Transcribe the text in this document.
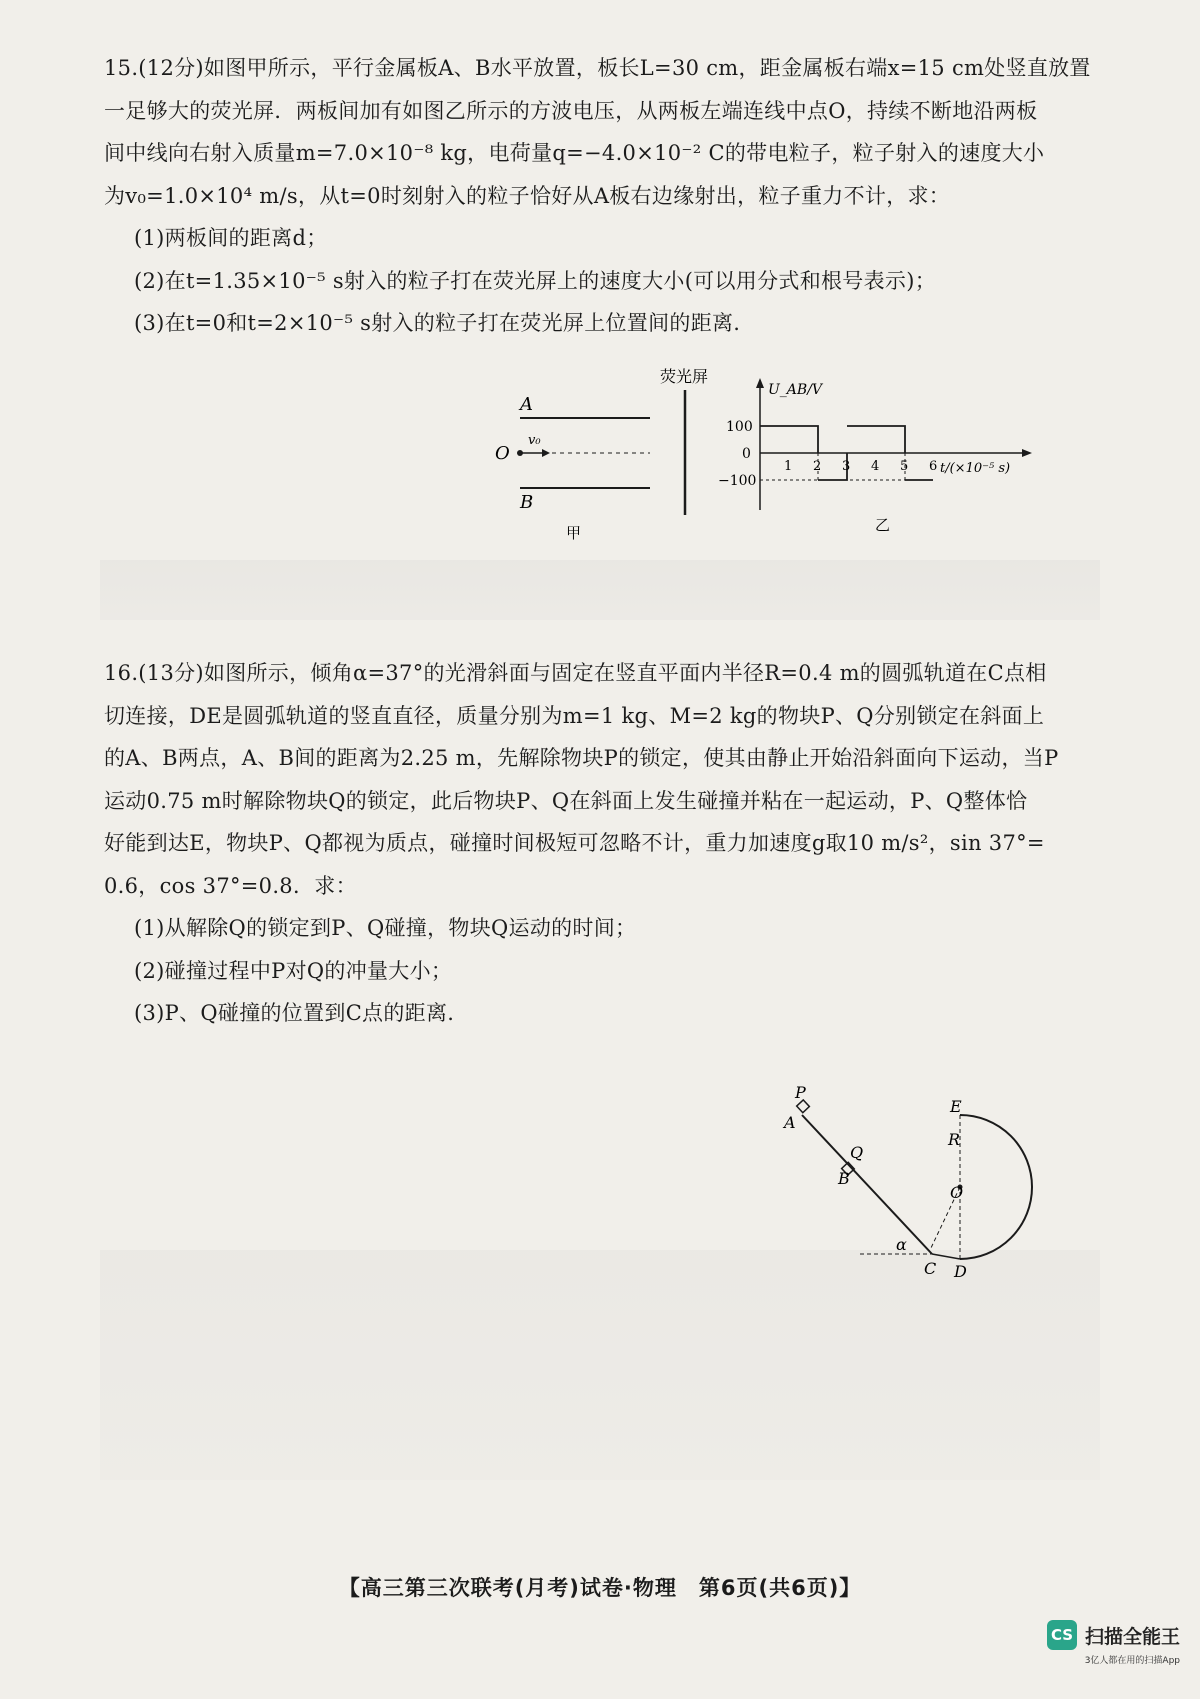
15.(12分)如图甲所示，平行金属板A、B水平放置，板长L=30 cm，距金属板右端x=15 cm处竖直放置

一足够大的荧光屏．两板间加有如图乙所示的方波电压，从两板左端连线中点O，持续不断地沿两板

间中线向右射入质量m=7.0×10⁻⁸ kg，电荷量q=−4.0×10⁻² C的带电粒子，粒子射入的速度大小

为v₀=1.0×10⁴ m/s，从t=0时刻射入的粒子恰好从A板右边缘射出，粒子重力不计，求：

(1)两板间的距离d；

(2)在t=1.35×10⁻⁵ s射入的粒子打在荧光屏上的速度大小(可以用分式和根号表示)；

(3)在t=0和t=2×10⁻⁵ s射入的粒子打在荧光屏上位置间的距离.

A
B
O
v₀
荧光屏
甲
U_AB/V
100
0
−100
1 2 3 4 5 6 t/(×10⁻⁵ s)
乙

16.(13分)如图所示，倾角α=37°的光滑斜面与固定在竖直平面内半径R=0.4 m的圆弧轨道在C点相

切连接，DE是圆弧轨道的竖直直径，质量分别为m=1 kg、M=2 kg的物块P、Q分别锁定在斜面上

的A、B两点，A、B间的距离为2.25 m，先解除物块P的锁定，使其由静止开始沿斜面向下运动，当P

运动0.75 m时解除物块Q的锁定，此后物块P、Q在斜面上发生碰撞并粘在一起运动，P、Q整体恰

好能到达E，物块P、Q都视为质点，碰撞时间极短可忽略不计，重力加速度g取10 m/s²，sin 37°=

0.6，cos 37°=0.8．求：

(1)从解除Q的锁定到P、Q碰撞，物块Q运动的时间；

(2)碰撞过程中P对Q的冲量大小；

(3)P、Q碰撞的位置到C点的距离.

E
R
O
P
A
Q
B
α
C D
【高三第三次联考(月考)试卷·物理　第6页(共6页)】
CS 扫描全能王
3亿人都在用的扫描App
